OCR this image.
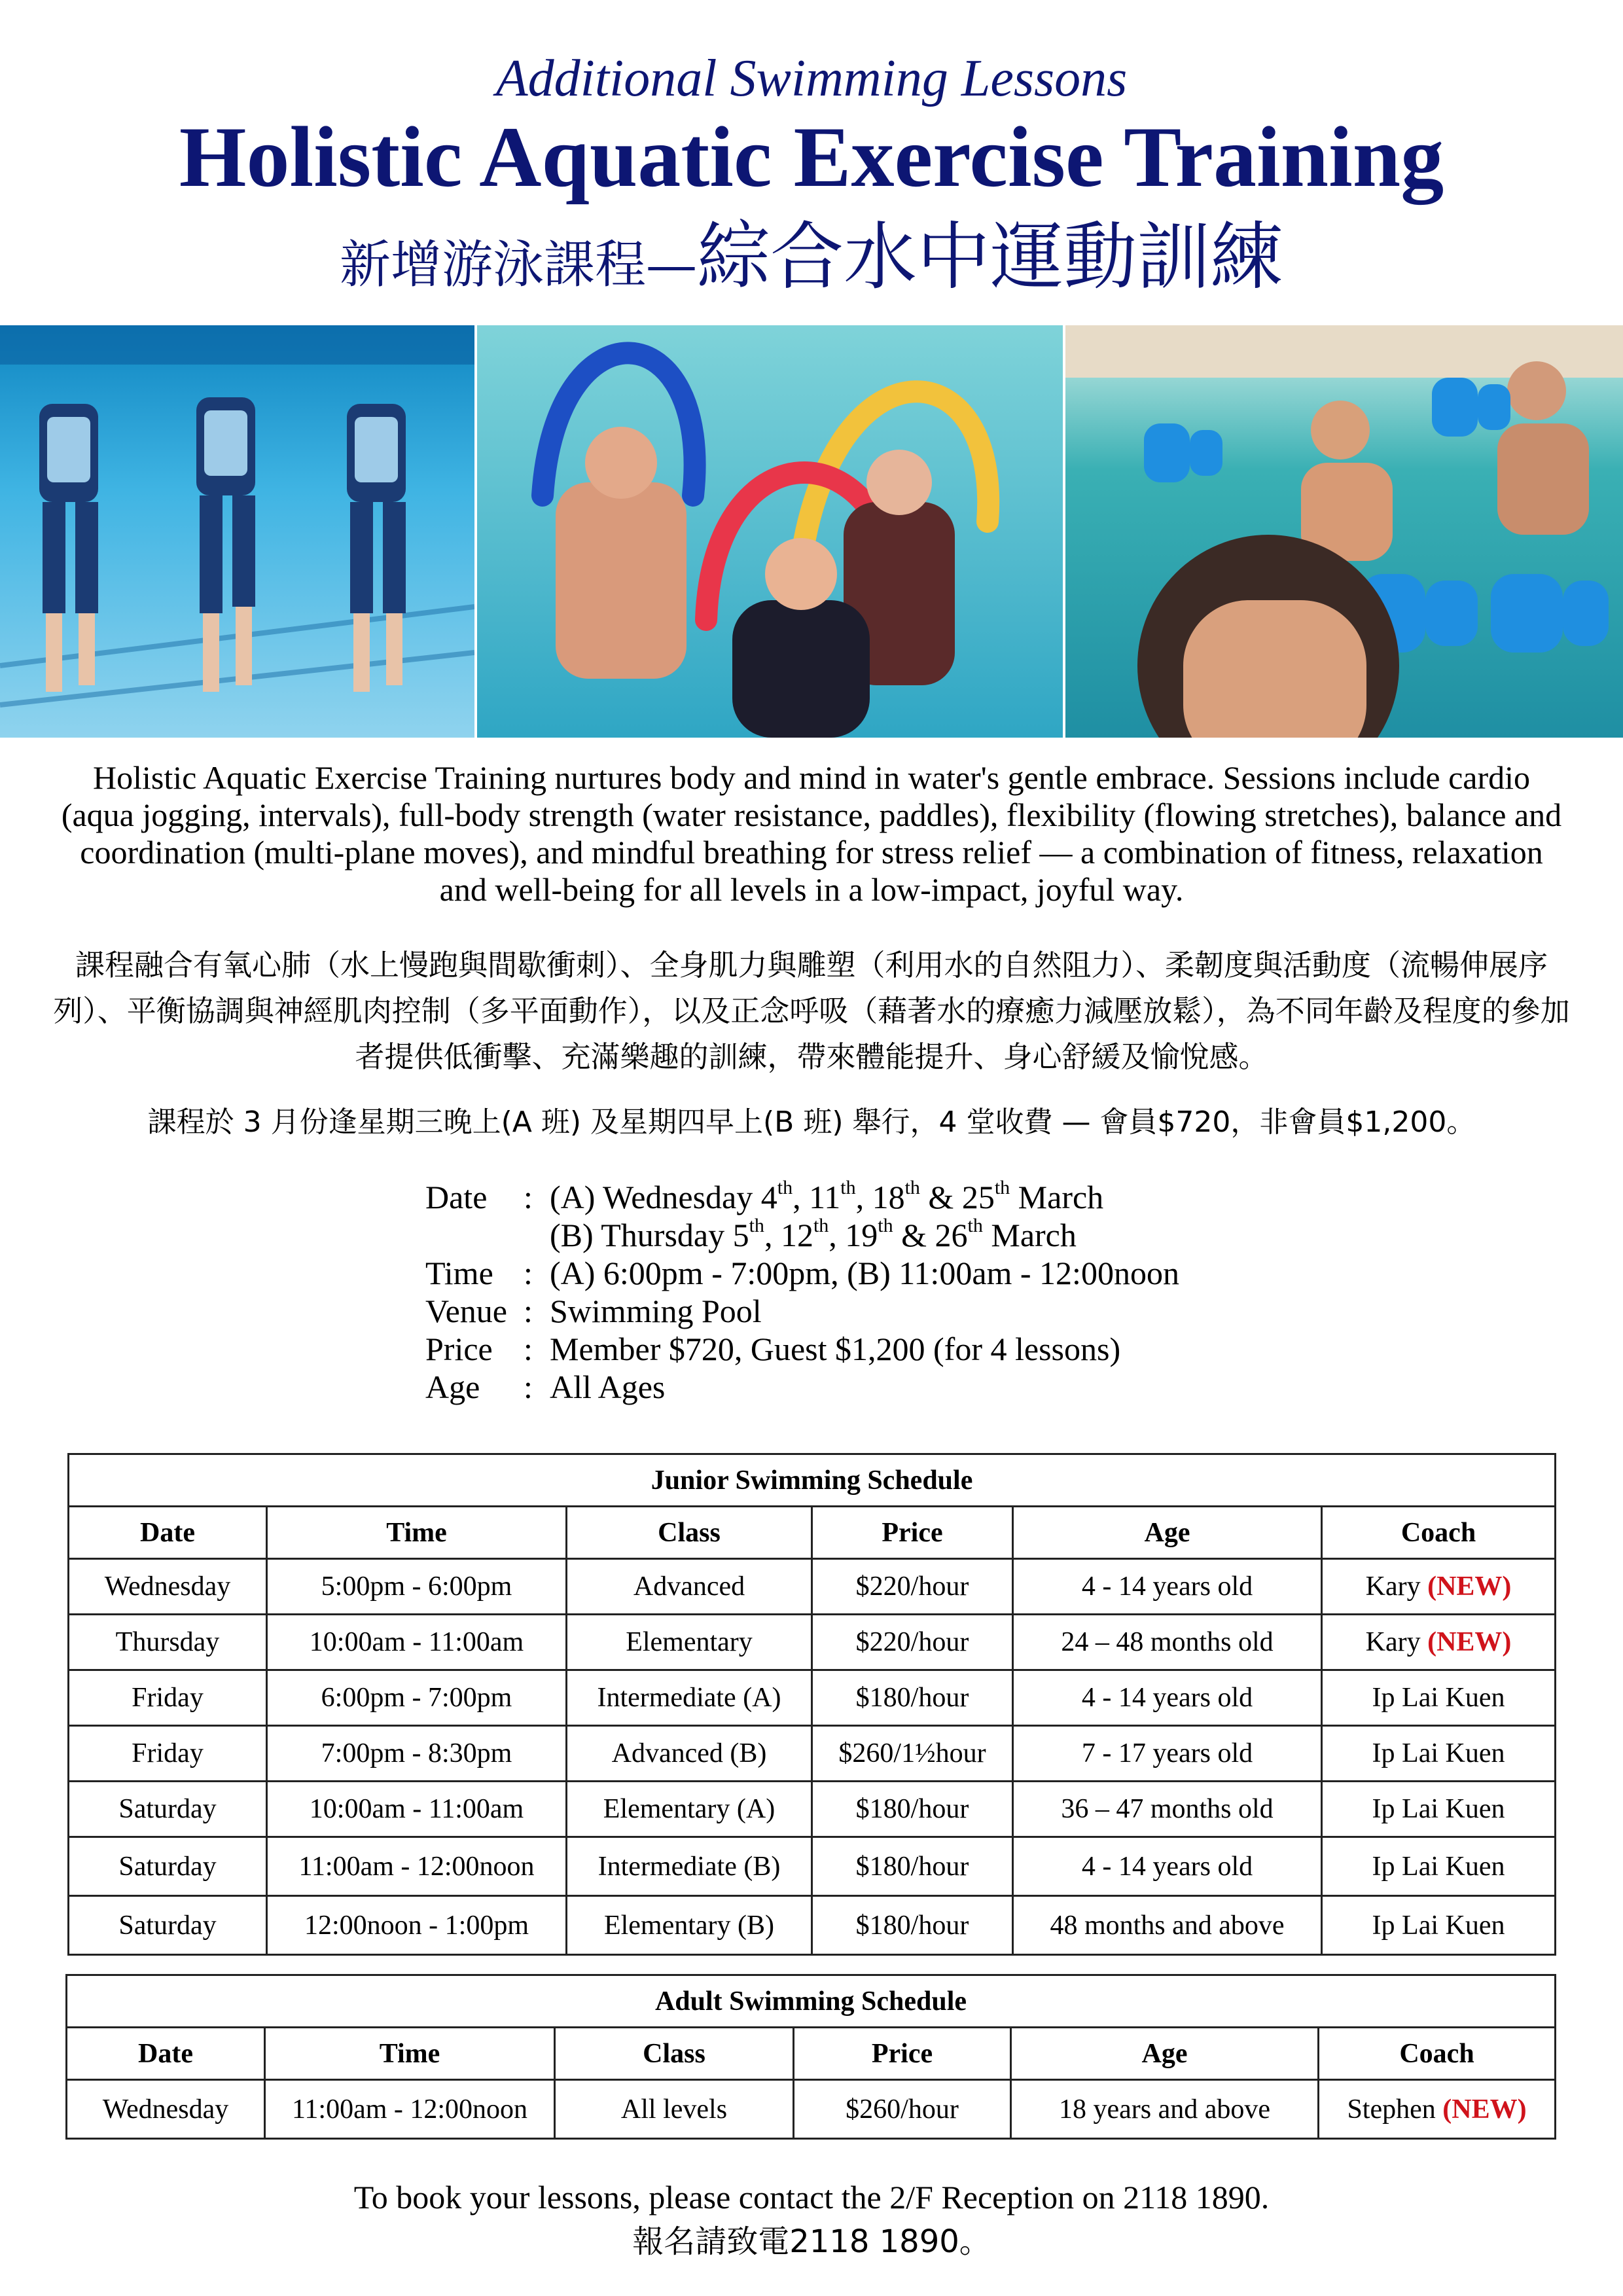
Additional Swimming Lessons
Holistic Aquatic Exercise Training
新增游泳課程—綜合水中運動訓練
Holistic Aquatic Exercise Training nurtures body and mind in water's gentle embrace. Sessions include cardio (aqua jogging, intervals), full-body strength (water resistance, paddles), flexibility (flowing stretches), balance and coordination (multi-plane moves), and mindful breathing for stress relief — a combination of fitness, relaxation and well-being for all levels in a low-impact, joyful way.
課程融合有氧心肺（水上慢跑與間歇衝刺）、全身肌力與雕塑（利用水的自然阻力）、柔韌度與活動度（流暢伸展序列）、平衡協調與神經肌肉控制（多平面動作），以及正念呼吸（藉著水的療癒力減壓放鬆），為不同年齡及程度的參加者提供低衝擊、充滿樂趣的訓練，帶來體能提升、身心舒緩及愉悅感。
課程於 3 月份逢星期三晚上(A 班) 及星期四早上(B 班) 舉行，4 堂收費 — 會員$720，非會員$1,200。
Date	: (A) Wednesday 4th, 11th, 18th & 25th March
(B) Thursday 5th, 12th, 19th & 26th March
Time : (A) 6:00pm - 7:00pm, (B) 11:00am - 12:00noon
Venue : Swimming Pool
Price : Member $720, Guest $1,200 (for 4 lessons)
Age	: All Ages
Junior Swimming Schedule					
Date	Time	Class	Price	Age	Coach
Wednesday	5:00pm - 6:00pm	Advanced	$220/hour	4 - 14 years old	Kary (NEW)
Thursday	10:00am - 11:00am	Elementary	$220/hour	24 – 48 months old	Kary (NEW)
Friday	6:00pm - 7:00pm	Intermediate (A)	$180/hour	4 - 14 years old	Ip Lai Kuen
Friday	7:00pm - 8:30pm	Advanced (B)	$260/1½hour	7 - 17 years old	Ip Lai Kuen
Saturday	10:00am - 11:00am	Elementary (A)	$180/hour	36 – 47 months old	Ip Lai Kuen
Saturday	11:00am - 12:00noon	Intermediate (B)	$180/hour	4 - 14 years old	Ip Lai Kuen
Saturday	12:00noon - 1:00pm	Elementary (B)	$180/hour	48 months and above	Ip Lai Kuen
Adult Swimming Schedule					
Date	Time	Class	Price	Age	Coach
Wednesday	11:00am - 12:00noon	All levels	$260/hour	18 years and above	Stephen (NEW)
To book your lessons, please contact the 2/F Reception on 2118 1890.
報名請致電2118 1890。
